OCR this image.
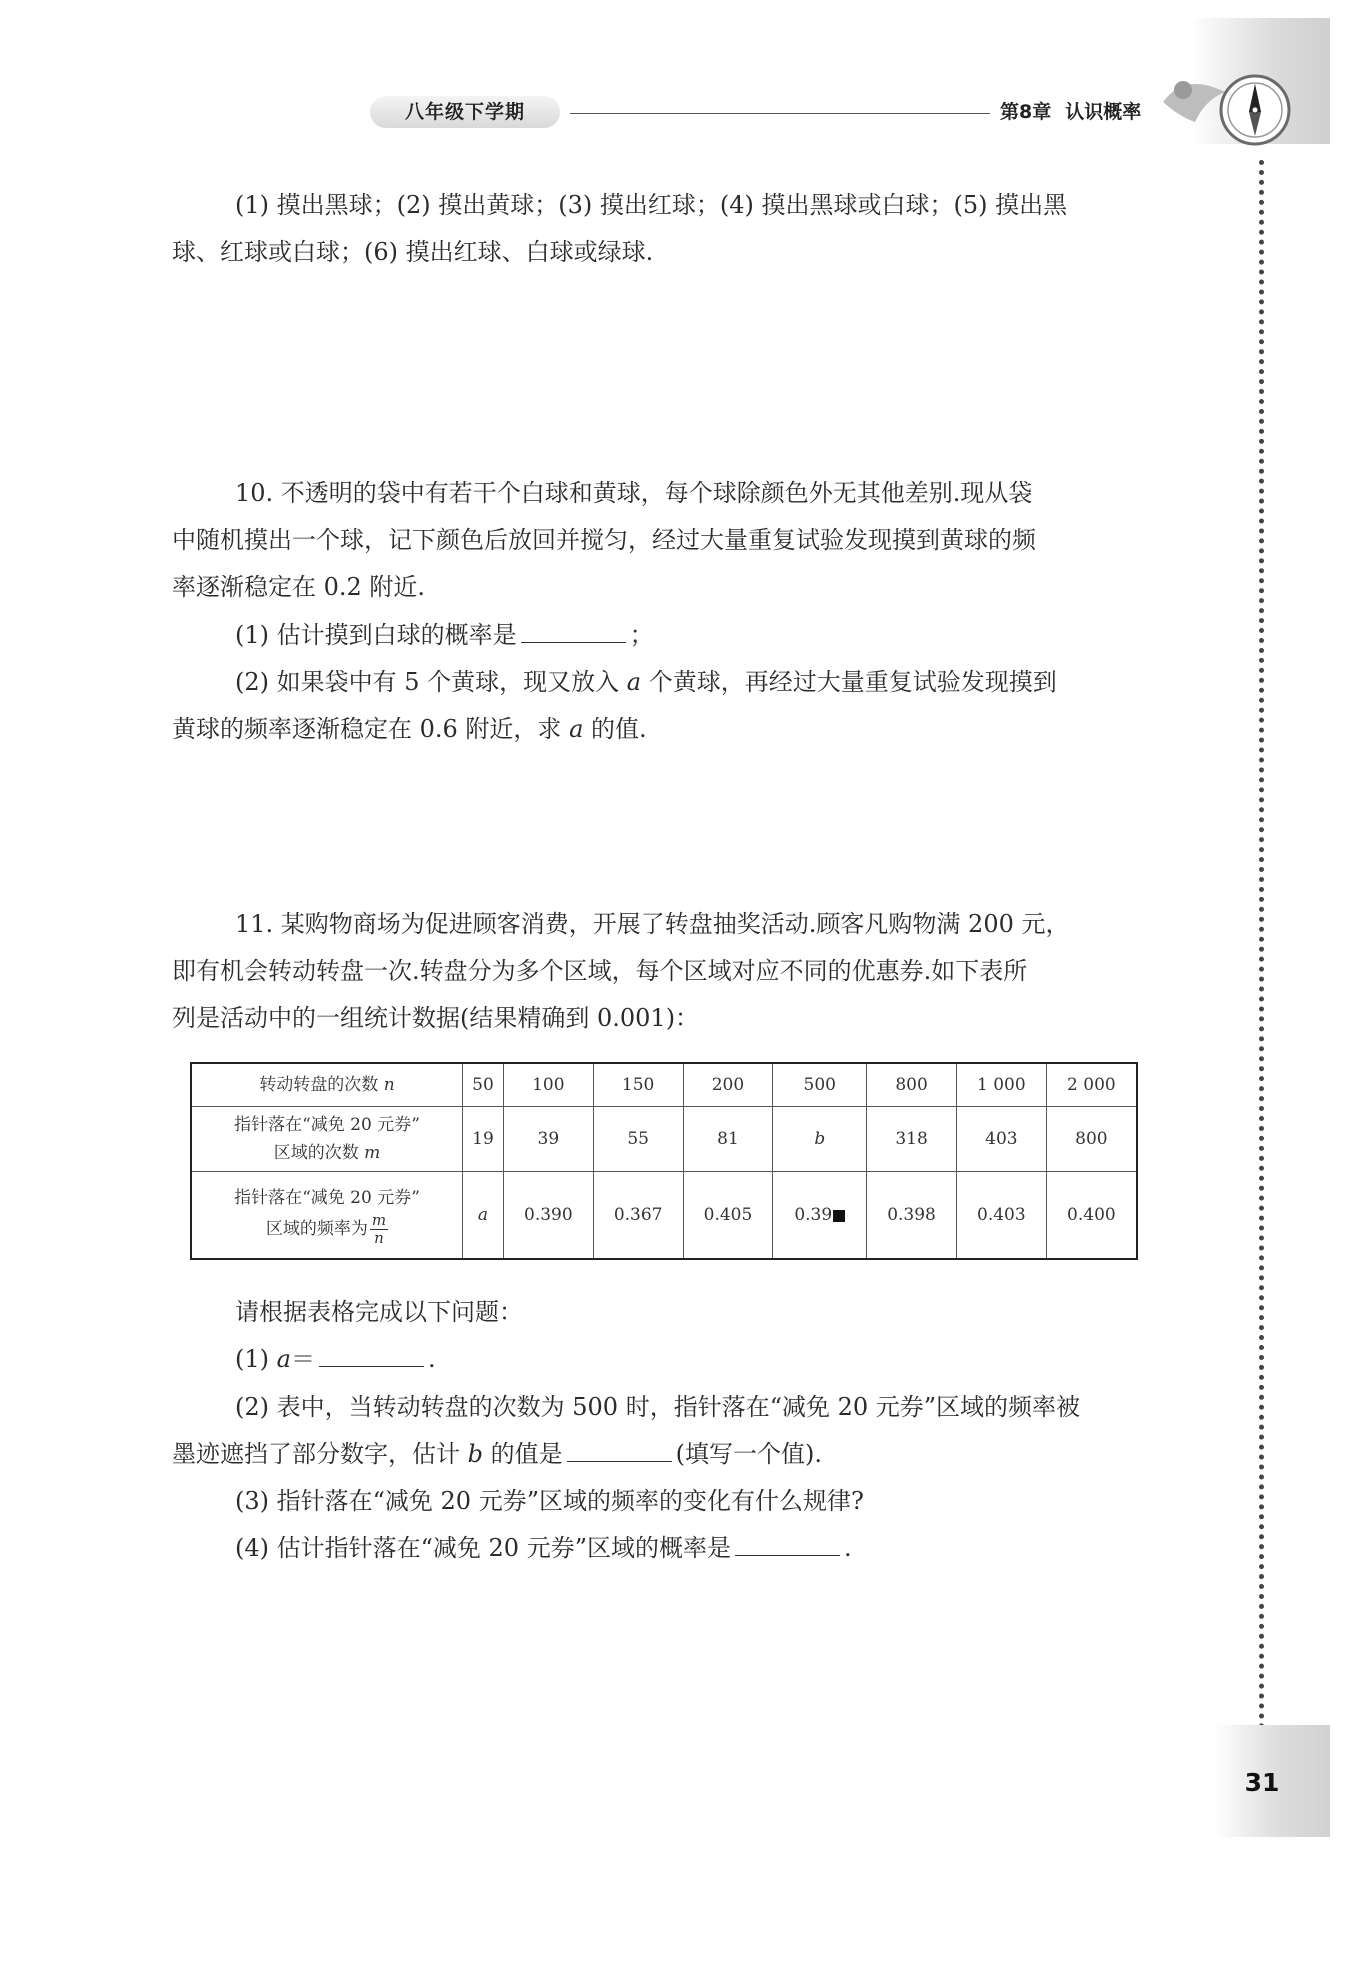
八年级下学期	第8章 认识概率
(1) 摸出黑球；(2) 摸出黄球；(3) 摸出红球；(4) 摸出黑球或白球；(5) 摸出黑
球、红球或白球；(6) 摸出红球、白球或绿球.
10. 不透明的袋中有若干个白球和黄球，每个球除颜色外无其他差别.现从袋
中随机摸出一个球，记下颜色后放回并搅匀，经过大量重复试验发现摸到黄球的频
率逐渐稳定在 0.2 附近.
(1) 估计摸到白球的概率是	；
(2) 如果袋中有 5 个黄球，现又放入 a 个黄球，再经过大量重复试验发现摸到
黄球的频率逐渐稳定在 0.6 附近，求 a 的值.
11. 某购物商场为促进顾客消费，开展了转盘抽奖活动.顾客凡购物满 200 元，
即有机会转动转盘一次.转盘分为多个区域，每个区域对应不同的优惠券.如下表所
列是活动中的一组统计数据(结果精确到 0.001)：
转动转盘的次数 n	50	100	150	200	500	800	1 000	2 000
指针落在“减免 20 元券”
区域的次数 m	19	39	55	81	b	318	403	800
指针落在“减免 20 元券”
区域的频率为 $\frac{m}{n}$	a	0.390	0.367	0.405	0.39	0.398	0.403	0.400
请根据表格完成以下问题：
(1) a＝	.
(2) 表中，当转动转盘的次数为 500 时，指针落在“减免 20 元券”区域的频率被
墨迹遮挡了部分数字，估计 b 的值是	(填写一个值).
(3) 指针落在“减免 20 元券”区域的频率的变化有什么规律?
(4) 估计指针落在“减免 20 元券”区域的概率是	.
31
